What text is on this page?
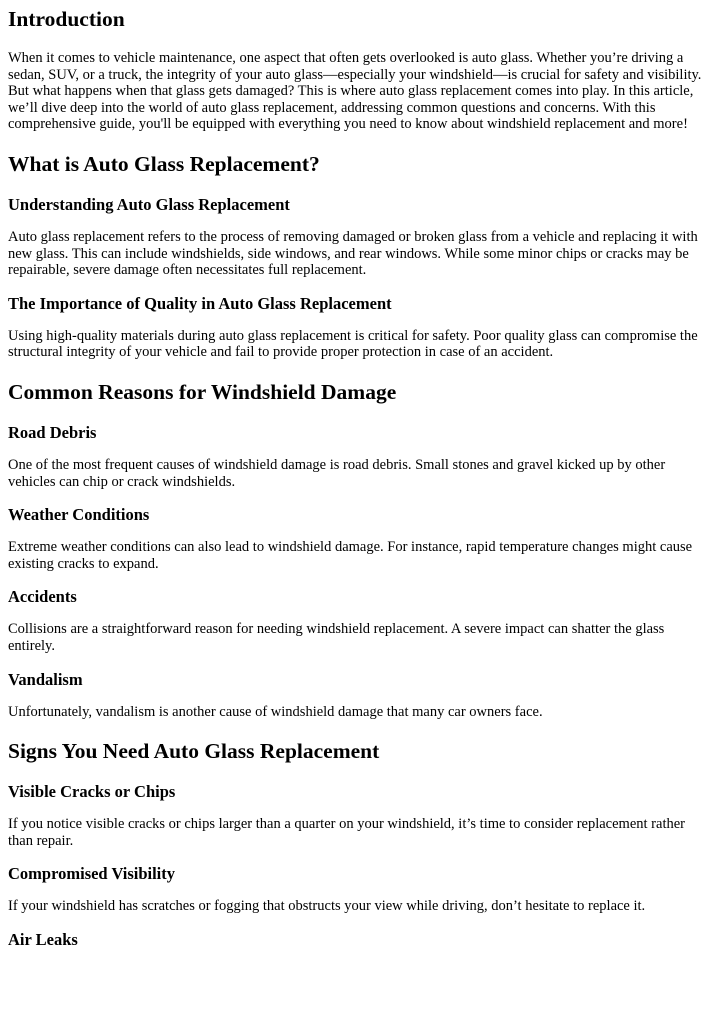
Introduction

When it comes to vehicle maintenance, one aspect that often gets overlooked is auto glass. Whether you’re driving a sedan, SUV, or a truck, the integrity of your auto glass—especially your windshield—is crucial for safety and visibility. But what happens when that glass gets damaged? This is where auto glass replacement comes into play. In this article, we’ll dive deep into the world of auto glass replacement, addressing common questions and concerns. With this comprehensive guide, you'll be equipped with everything you need to know about windshield replacement and more!

What is Auto Glass Replacement?
Understanding Auto Glass Replacement

Auto glass replacement refers to the process of removing damaged or broken glass from a vehicle and replacing it with new glass. This can include windshields, side windows, and rear windows. While some minor chips or cracks may be repairable, severe damage often necessitates full replacement.

The Importance of Quality in Auto Glass Replacement

Using high-quality materials during auto glass replacement is critical for safety. Poor quality glass can compromise the structural integrity of your vehicle and fail to provide proper protection in case of an accident.

Common Reasons for Windshield Damage
Road Debris

One of the most frequent causes of windshield damage is road debris. Small stones and gravel kicked up by other vehicles can chip or crack windshields.

Weather Conditions

Extreme weather conditions can also lead to windshield damage. For instance, rapid temperature changes might cause existing cracks to expand.

Accidents

Collisions are a straightforward reason for needing windshield replacement. A severe impact can shatter the glass entirely.

Vandalism

Unfortunately, vandalism is another cause of windshield damage that many car owners face.

Signs You Need Auto Glass Replacement
Visible Cracks or Chips

If you notice visible cracks or chips larger than a quarter on your windshield, it’s time to consider replacement rather than repair.

Compromised Visibility

If your windshield has scratches or fogging that obstructs your view while driving, don’t hesitate to replace it.

Air Leaks
